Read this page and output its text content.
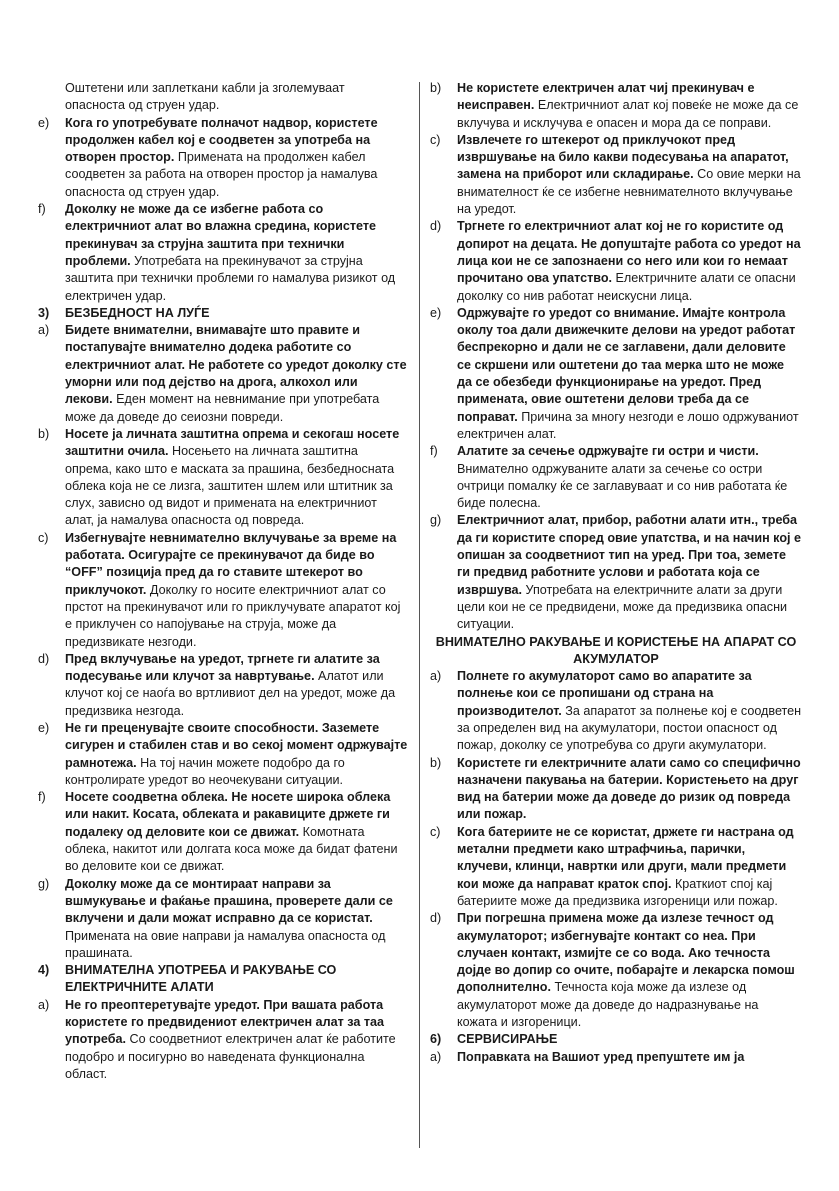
Оштетени или заплеткани кабли ја зголемуваат опасноста од струен удар.
e)	Кога го употребувате полначот надвор, користете продолжен кабел кој е соодветен за употреба на отворен простор. Примената на продолжен кабел соодветен за работа на отворен простор ја намалува опасноста од струен удар.
f)	Доколку не може да се избегне работа со електричниот алат во влажна средина, користете прекинувач за струјна заштита при технички проблеми. Употребата на прекинувачот за струјна заштита при технички проблеми го намалува ризикот од електричен удар.
3)	БЕЗБЕДНОСТ НА ЛУЃЕ
a)	Бидете внимателни, внимавајте што правите и постапувајте внимателно додека работите со електричниот алат. Не работете со уредот доколку сте уморни или под дејство на дрога, алкохол или лекови. Еден момент на невнимание при употребата може да доведе до сеиозни повреди.
b)	Носете ја личната заштитна опрема и секогаш носете заштитни очила. Носењето на личната заштитна опрема, како што е маската за прашина, безбедносната облека која не се лизга, заштитен шлем или штитник за слух, зависно од видот и примената на електричниот алат, ја намалува опасноста од повреда.
c)	Избегнувајте невнимателно вклучување за време на работата. Осигурајте се прекинувачот да биде во “OFF” позиција пред да го ставите штекерот во приклучокот. Доколку го носите електричниот алат со прстот на прекинувачот или го приклучувате апаратот кој е приклучен со напојување на струја, може да предизвикате незгоди.
d)	Пред вклучување на уредот, тргнете ги алатите за подесување или клучот за навртување. Алатот или клучот кој се наоѓа во вртливиот дел на уредот, може да предизвика незгода.
e)	Не ги преценувајте своите способности. Заземете сигурен и стабилен став и во секој момент одржувајте рамнотежа. На тој начин можете подобро да го контролирате уредот во неочекувани ситуации.
f)	Носете соодветна облека. Не носете широка облека или накит. Косата, облеката и ракавиците држете ги подалеку од деловите кои се движат. Комотната облека, накитот или долгата коса може да бидат фатени во деловите кои се движат.
g)	Доколку може да се монтираат направи за вшмукување и фаќање прашина, проверете дали се вклучени и дали можат исправно да се користат. Примената на овие направи ја намалува опасноста од прашината.
4)	ВНИМАТЕЛНА УПОТРЕБА И РАКУВАЊЕ СО ЕЛЕКТРИЧНИТЕ АЛАТИ
a)	Не го преоптеретувајте уредот. При вашата работа користете го предвидениот електричен алат за таа употреба. Со соодветниот електричен алат ќе работите подобро и посигурно во наведената функционална област.
b)	Не користете електричен алат чиј прекинувач е неисправен. Електричниот алат кој повеќе не може да се вклучува и исклучува е опасен и мора да се поправи.
c)	Извлечете го штекерот од приклучокот пред извршување на било какви подесувања на апаратот, замена на приборот или складирање. Со овие мерки на внимателност ќе се избегне невнимателното вклучување на уредот.
d)	Тргнете го електричниот алат кој не го користите од допирот на децата. Не допуштајте работа со уредот на лица кои не се запознаени со него или кои го немаат прочитано ова упатство. Електричните алати се опасни доколку со нив работат неискусни лица.
e)	Одржувајте го уредот со внимание. Имајте контрола околу тоа дали движечките делови на уредот работат беспрекорно и дали не се заглавени, дали деловите се скршени или оштетени до таа мерка што не може да се обезбеди функционирање на уредот. Пред примената, овие оштетени делови треба да се поправат. Причина за многу незгоди е лошо одржуваниот електричен алат.
f)	Алатите за сечење одржувајте ги остри и чисти. Внимателно одржуваните алати за сечење со остри очтрици помалку ќе се заглавуваат и со нив работата ќе биде полесна.
g)	Електричниот алат, прибор, работни алати итн., треба да ги користите според овие упатства, и на начин кој е опишан за соодветниот тип на уред. При тоа, земете ги предвид работните услови и работата која се извршува. Употребата на електричните алати за други цели кои не се предвидени, може да предизвика опасни ситуации.
ВНИМАТЕЛНО РАКУВАЊЕ И КОРИСТЕЊЕ НА АПАРАТ СО АКУМУЛАТОР
a)	Полнете го акумулаторот само во апаратите за полнење кои се пропишани од страна на производителот. За апаратот за полнење кој е соодветен за определен вид на акумулатори, постои опасност од пожар, доколку се употребува со други акумулатори.
b)	Користете ги електричните алати само со специфично назначени пакувања на батерии. Користењето на друг вид на батерии може да доведе до ризик од повреда или пожар.
c)	Кога батериите не се користат, држете ги настрана од метални предмети како штрафчиња, парички, клучеви, клинци, навртки или други, мали предмети кои може да направат краток спој. Краткиот спој кај батериите може да предизвика изгореници или пожар.
d)	При погрешна примена може да излезе течност од акумулаторот; избегнувајте контакт со неа. При случаен контакт, измијте се со вода. Ако течноста дојде во допир со очите, побарајте и лекарска помош дополнително. Течноста која може да излезе од акумулаторот може да доведе до надразнување на кожата и изгореници.
6)	СЕРВИСИРАЊЕ
a)	Поправката на Вашиот уред препуштете им ја
